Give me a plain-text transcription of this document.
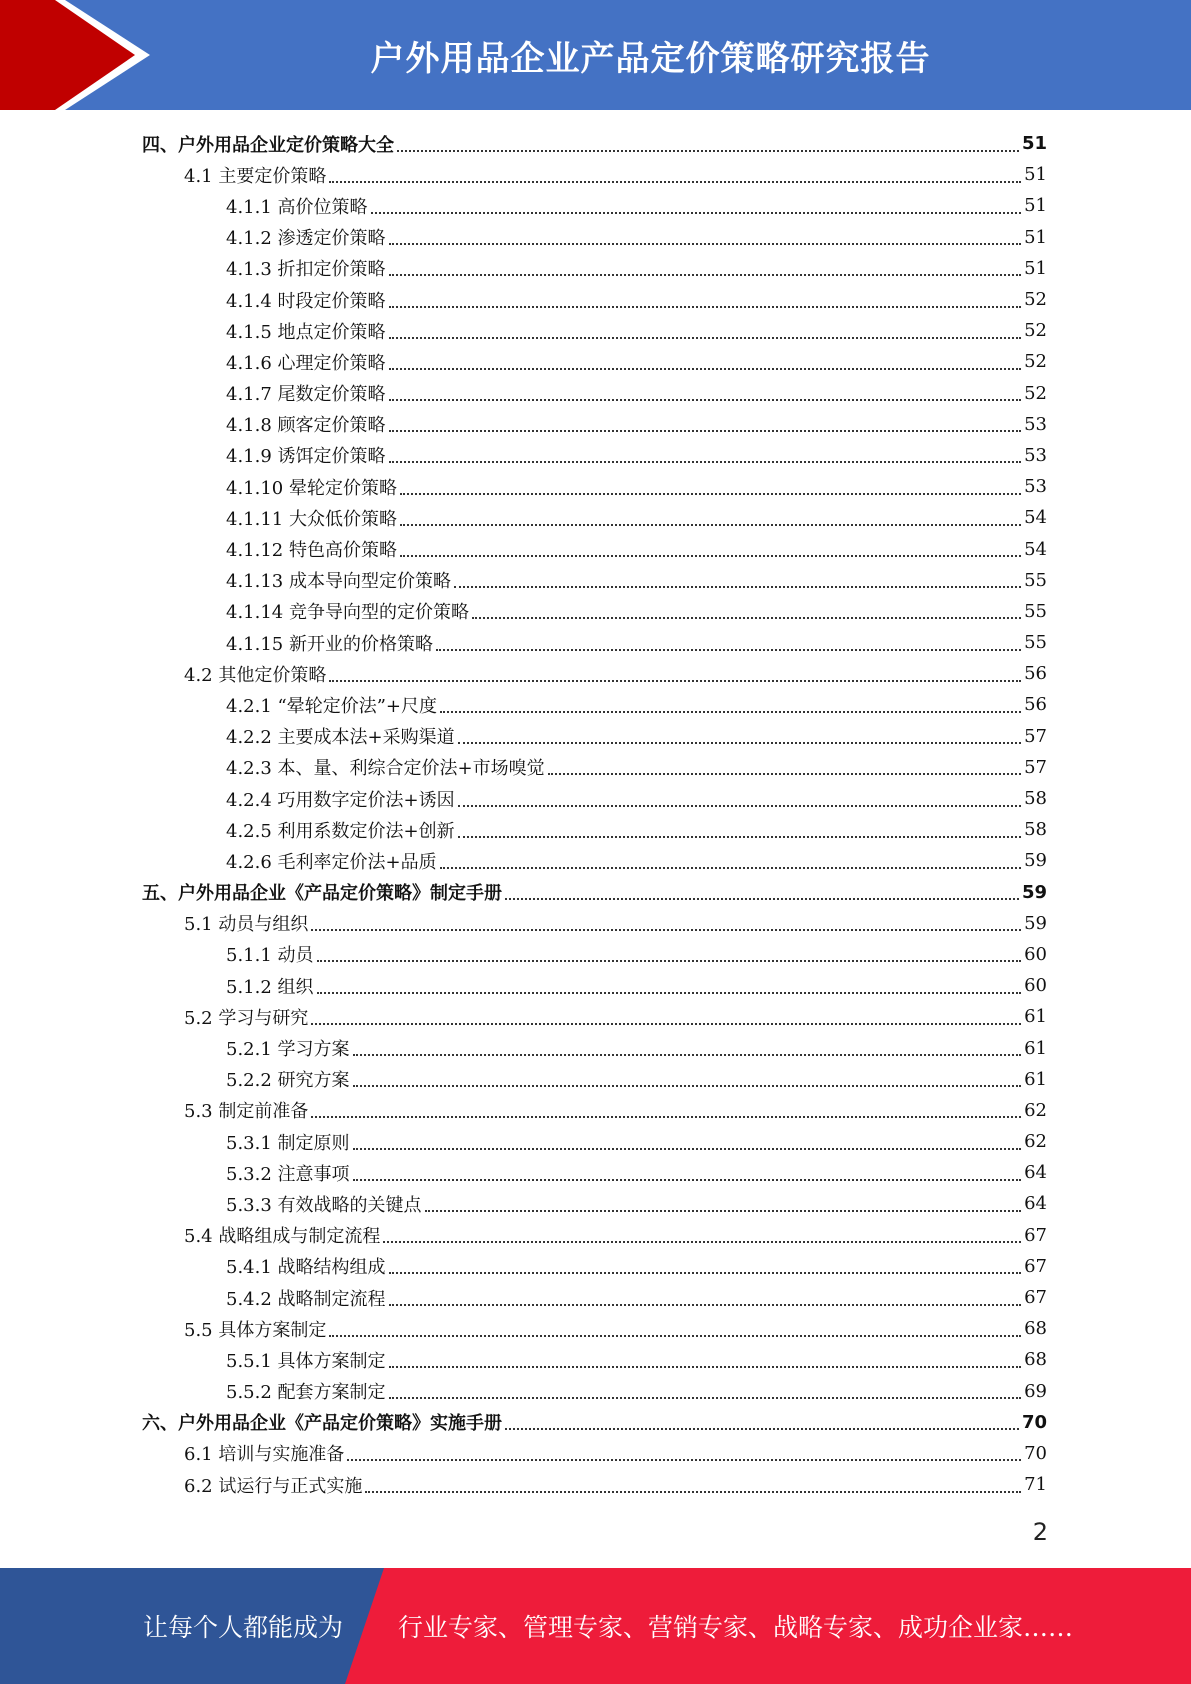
户外用品企业产品定价策略研究报告
四、户外用品企业定价策略大全	51
4.1 主要定价策略	51
4.1.1 高价位策略	51
4.1.2 渗透定价策略	51
4.1.3 折扣定价策略	51
4.1.4 时段定价策略	52
4.1.5 地点定价策略	52
4.1.6 心理定价策略	52
4.1.7 尾数定价策略	52
4.1.8 顾客定价策略	53
4.1.9 诱饵定价策略	53
4.1.10 晕轮定价策略	53
4.1.11 大众低价策略	54
4.1.12 特色高价策略	54
4.1.13 成本导向型定价策略	55
4.1.14 竞争导向型的定价策略	55
4.1.15 新开业的价格策略	55
4.2 其他定价策略	56
4.2.1 “晕轮定价法”+尺度	56
4.2.2 主要成本法+采购渠道	57
4.2.3 本、量、利综合定价法+市场嗅觉	57
4.2.4 巧用数字定价法+诱因	58
4.2.5 利用系数定价法+创新	58
4.2.6 毛利率定价法+品质	59
五、户外用品企业《产品定价策略》制定手册	59
5.1 动员与组织	59
5.1.1 动员	60
5.1.2 组织	60
5.2 学习与研究	61
5.2.1 学习方案	61
5.2.2 研究方案	61
5.3 制定前准备	62
5.3.1 制定原则	62
5.3.2 注意事项	64
5.3.3 有效战略的关键点	64
5.4 战略组成与制定流程	67
5.4.1 战略结构组成	67
5.4.2 战略制定流程	67
5.5 具体方案制定	68
5.5.1 具体方案制定	68
5.5.2 配套方案制定	69
六、户外用品企业《产品定价策略》实施手册	70
6.1 培训与实施准备	70
6.2 试运行与正式实施	71
2
让每个人都能成为 行业专家、管理专家、营销专家、战略专家、成功企业家……
